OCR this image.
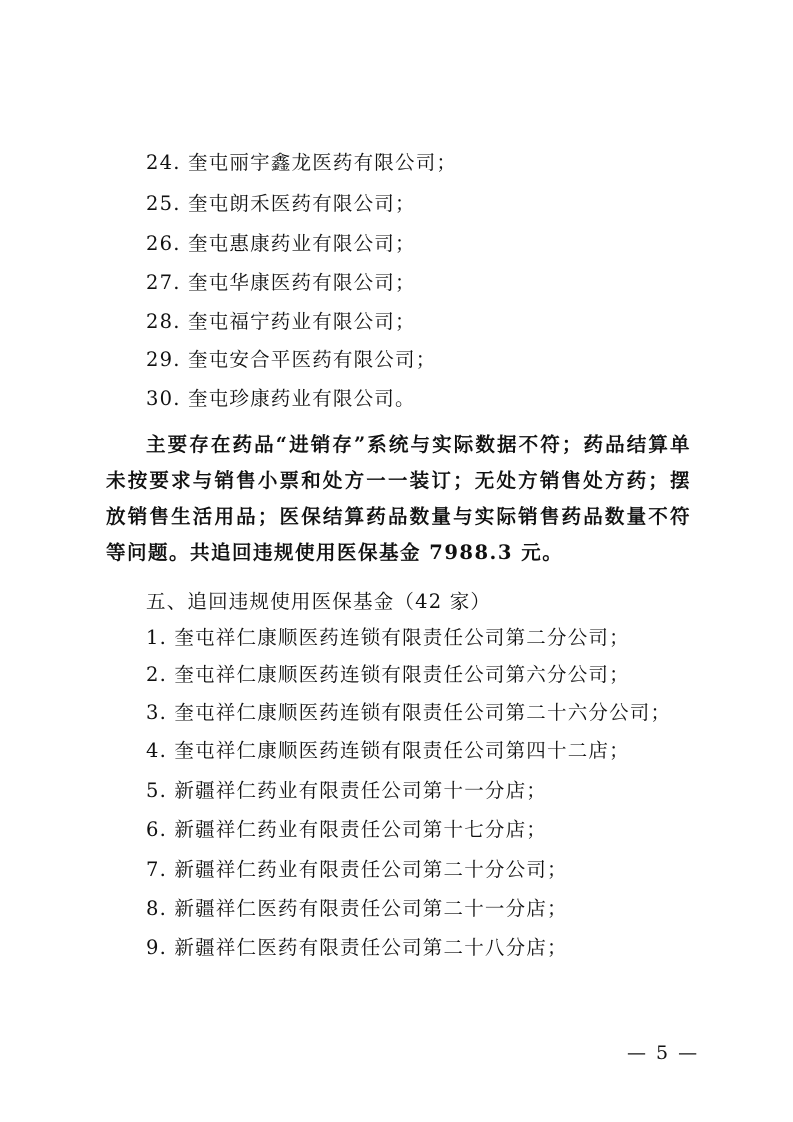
24. 奎屯丽宇鑫龙医药有限公司；
25. 奎屯朗禾医药有限公司；
26. 奎屯惠康药业有限公司；
27. 奎屯华康医药有限公司；
28. 奎屯福宁药业有限公司；
29. 奎屯安合平医药有限公司；
30. 奎屯珍康药业有限公司。
主要存在药品“进销存”系统与实际数据不符；药品结算单未按要求与销售小票和处方一一装订；无处方销售处方药；摆放销售生活用品；医保结算药品数量与实际销售药品数量不符等问题。共追回违规使用医保基金 7988.3 元。
五、追回违规使用医保基金（42 家）
1. 奎屯祥仁康顺医药连锁有限责任公司第二分公司；
2. 奎屯祥仁康顺医药连锁有限责任公司第六分公司；
3. 奎屯祥仁康顺医药连锁有限责任公司第二十六分公司；
4. 奎屯祥仁康顺医药连锁有限责任公司第四十二店；
5. 新疆祥仁药业有限责任公司第十一分店；
6. 新疆祥仁药业有限责任公司第十七分店；
7. 新疆祥仁药业有限责任公司第二十分公司；
8. 新疆祥仁医药有限责任公司第二十一分店；
9. 新疆祥仁医药有限责任公司第二十八分店；
— 5 —
